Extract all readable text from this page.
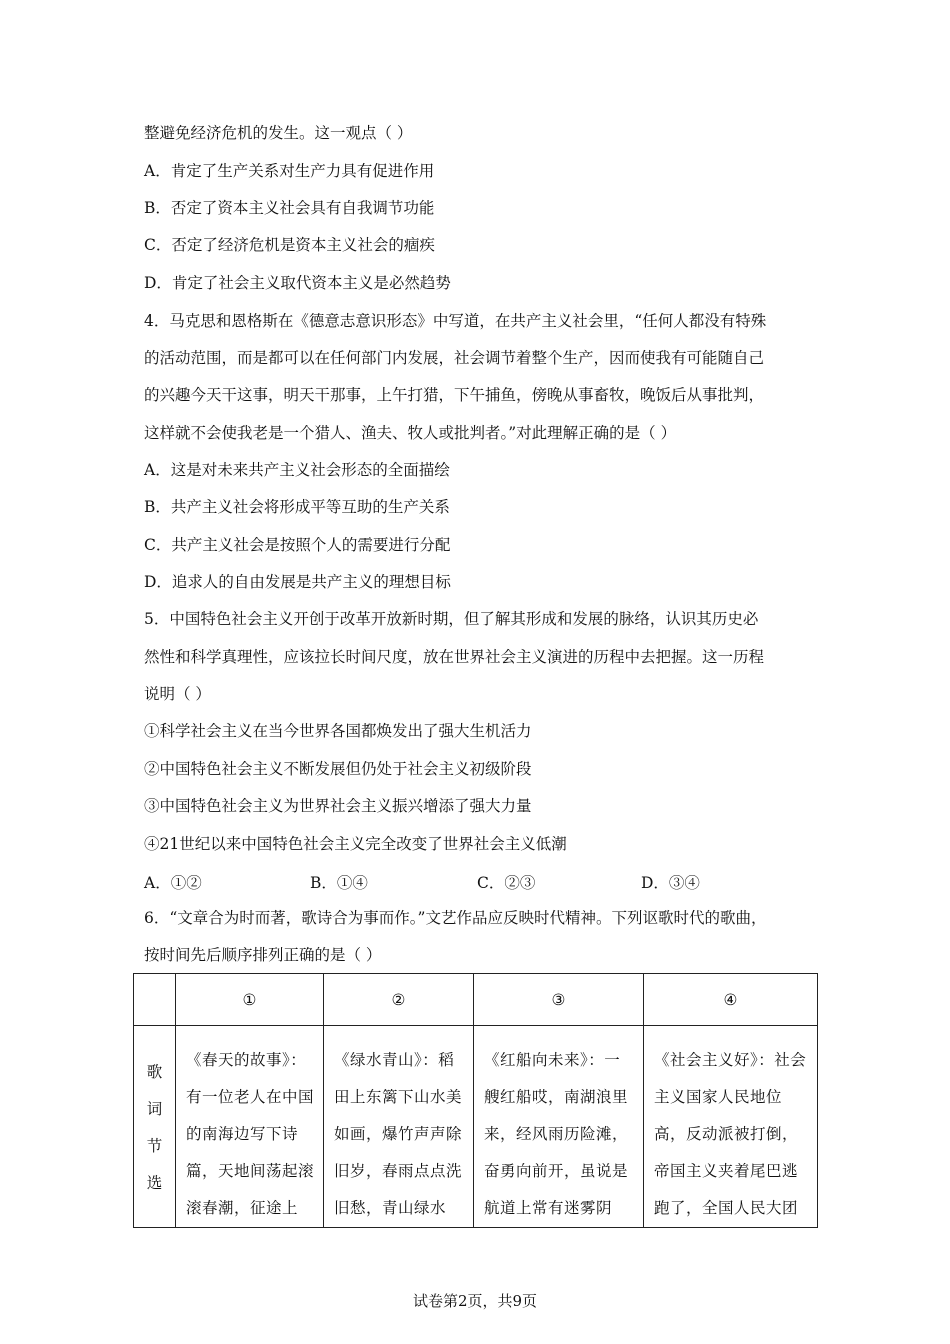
整避免经济危机的发生。这一观点（ ）
A．肯定了生产关系对生产力具有促进作用
B．否定了资本主义社会具有自我调节功能
C．否定了经济危机是资本主义社会的痼疾
D．肯定了社会主义取代资本主义是必然趋势
4．马克思和恩格斯在《德意志意识形态》中写道，在共产主义社会里，“任何人都没有特殊
的活动范围，而是都可以在任何部门内发展，社会调节着整个生产，因而使我有可能随自己
的兴趣今天干这事，明天干那事，上午打猎，下午捕鱼，傍晚从事畜牧，晚饭后从事批判，
这样就不会使我老是一个猎人、渔夫、牧人或批判者。”对此理解正确的是（ ）
A．这是对未来共产主义社会形态的全面描绘
B．共产主义社会将形成平等互助的生产关系
C．共产主义社会是按照个人的需要进行分配
D．追求人的自由发展是共产主义的理想目标
5．中国特色社会主义开创于改革开放新时期，但了解其形成和发展的脉络，认识其历史必
然性和科学真理性，应该拉长时间尺度，放在世界社会主义演进的历程中去把握。这一历程
说明（ ）
①科学社会主义在当今世界各国都焕发出了强大生机活力
②中国特色社会主义不断发展但仍处于社会主义初级阶段
③中国特色社会主义为世界社会主义振兴增添了强大力量
④21世纪以来中国特色社会主义完全改变了世界社会主义低潮
A．①②	B．①④	C．②③	D．③④
6．“文章合为时而著，歌诗合为事而作。”文艺作品应反映时代精神。下列讴歌时代的歌曲，
按时间先后顺序排列正确的是（ ）
	①	②	③	④

歌词节选	《春天的故事》：有一位老人在中国的南海边写下诗篇，天地间荡起滚滚春潮，征途上	《绿水青山》：稻田上东篱下山水美如画，爆竹声声除旧岁，春雨点点洗旧愁，青山绿水	《红船向未来》：一艘红船哎，南湖浪里来，经风雨历险滩，奋勇向前开，虽说是航道上常有迷雾阴	《社会主义好》：社会主义国家人民地位高，反动派被打倒，帝国主义夹着尾巴逃跑了，全国人民大团
试卷第2页，共9页
